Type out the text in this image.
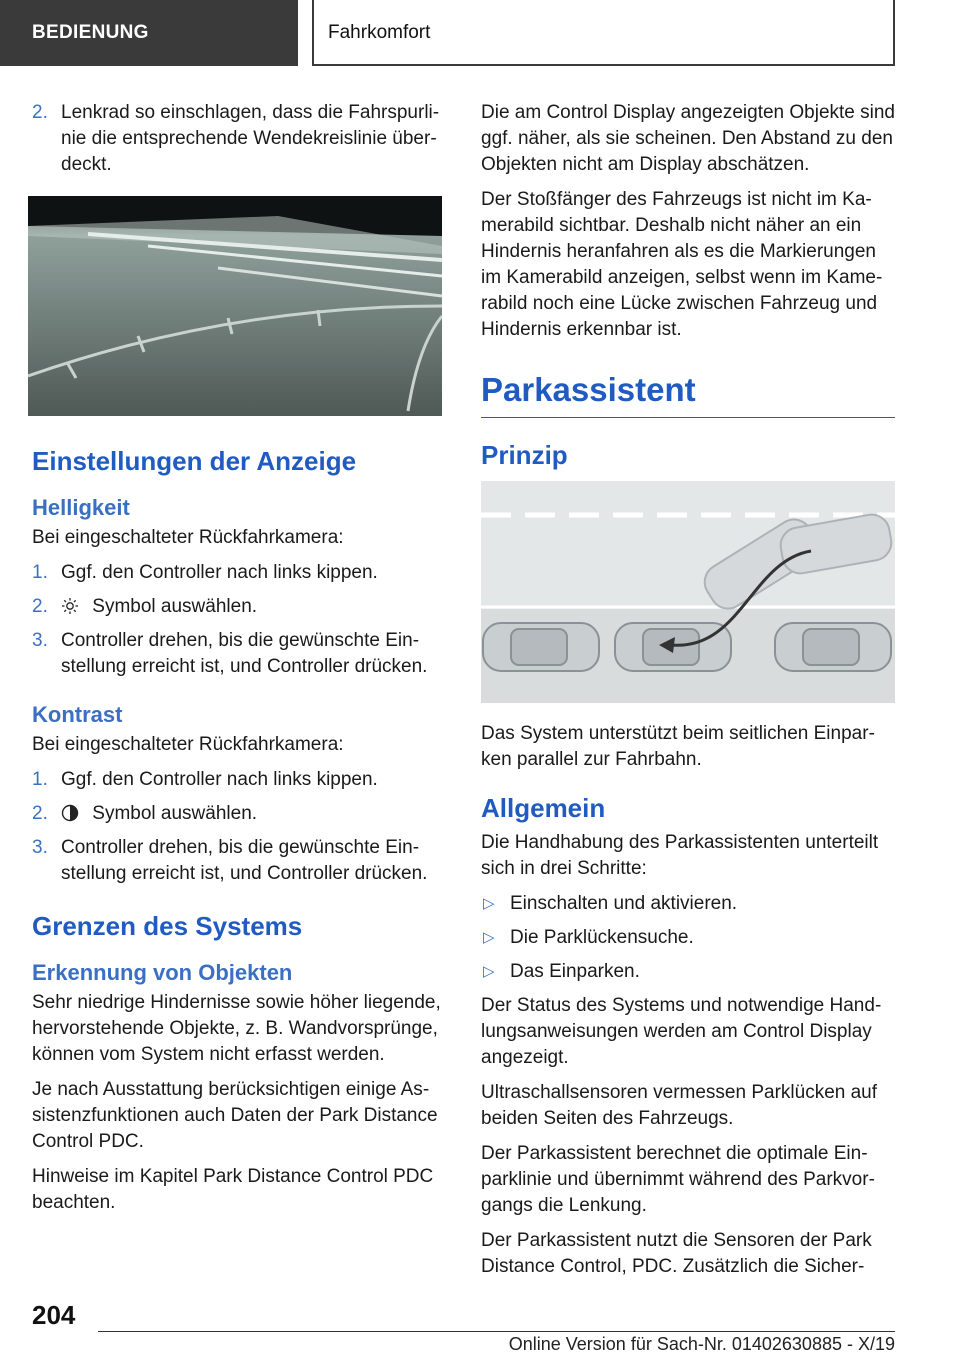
BEDIENUNG	Fahrkomfort
2. Lenkrad so einschlagen, dass die Fahrspurlinie die entsprechende Wendekreislinie überdeckt.
Einstellungen der Anzeige
Helligkeit

Bei eingeschalteter Rückfahrkamera:

1. Ggf. den Controller nach links kippen.
2. Symbol auswählen.
3. Controller drehen, bis die gewünschte Einstellung erreicht ist, und Controller drücken.
Kontrast

Bei eingeschalteter Rückfahrkamera:

1. Ggf. den Controller nach links kippen.
2. Symbol auswählen.
3. Controller drehen, bis die gewünschte Einstellung erreicht ist, und Controller drücken.
Grenzen des Systems
Erkennung von Objekten

Sehr niedrige Hindernisse sowie höher liegende, hervorstehende Objekte, z. B. Wandvorsprünge, können vom System nicht erfasst werden.

Je nach Ausstattung berücksichtigen einige Assistenzfunktionen auch Daten der Park Distance Control PDC.

Hinweise im Kapitel Park Distance Control PDC beachten.

Die am Control Display angezeigten Objekte sind ggf. näher, als sie scheinen. Den Abstand zu den Objekten nicht am Display abschätzen.

Der Stoßfänger des Fahrzeugs ist nicht im Kamerabild sichtbar. Deshalb nicht näher an ein Hindernis heranfahren als es die Markierungen im Kamerabild anzeigen, selbst wenn im Kamerabild noch eine Lücke zwischen Fahrzeug und Hindernis erkennbar ist.

Parkassistent
Prinzip

Das System unterstützt beim seitlichen Einparken parallel zur Fahrbahn.

Allgemein

Die Handhabung des Parkassistenten unterteilt sich in drei Schritte:

▷ Einschalten und aktivieren.
▷ Die Parklückensuche.
▷ Das Einparken.

Der Status des Systems und notwendige Handlungsanweisungen werden am Control Display angezeigt.

Ultraschallsensoren vermessen Parklücken auf beiden Seiten des Fahrzeugs.

Der Parkassistent berechnet die optimale Einparklinie und übernimmt während des Parkvorgangs die Lenkung.

Der Parkassistent nutzt die Sensoren der Park Distance Control, PDC. Zusätzlich die Sicher-

204
Online Version für Sach-Nr. 01402630885 - X/19
